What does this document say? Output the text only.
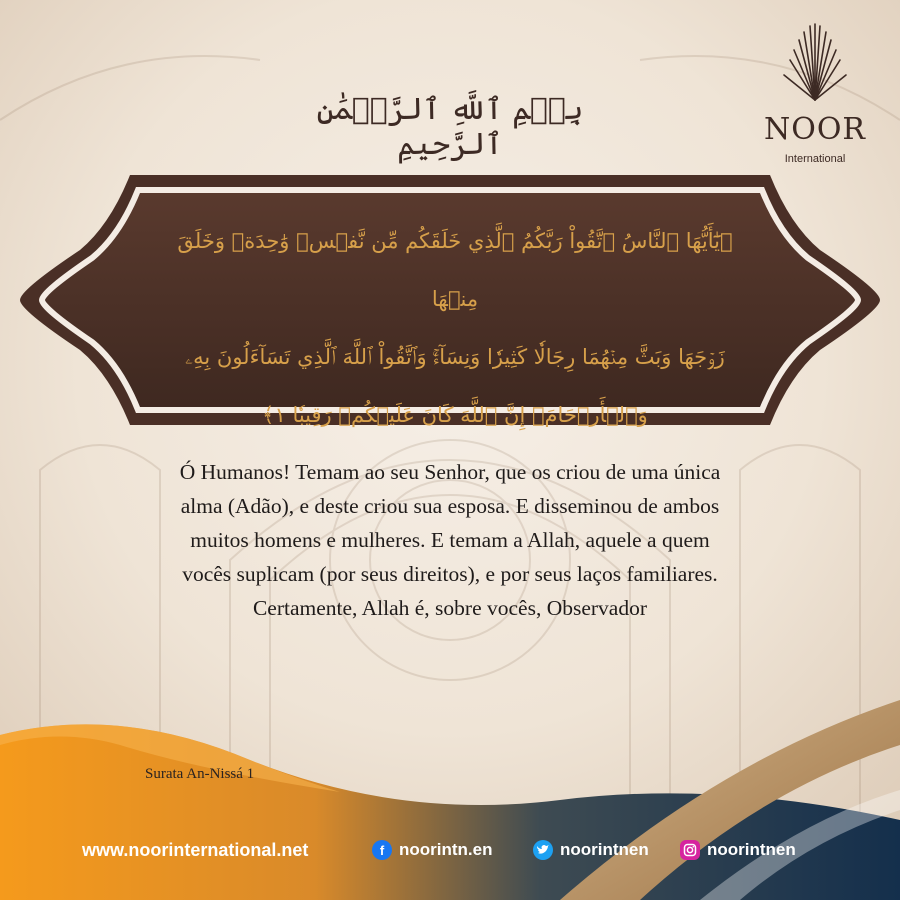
NOOR
International
بِسۡمِ ٱللَّهِ ٱلرَّحۡمَٰنِ ٱلرَّحِيمِ
﴿يَٰٓأَيُّهَا ٱلنَّاسُ ٱتَّقُواْ رَبَّكُمُ ٱلَّذِي خَلَقَكُم مِّن نَّفۡسٖ وَٰحِدَةٖ وَخَلَقَ مِنۡهَا
زَوۡجَهَا وَبَثَّ مِنۡهُمَا رِجَالٗا كَثِيرٗا وَنِسَآءٗۚ وَٱتَّقُواْ ٱللَّهَ ٱلَّذِي تَسَآءَلُونَ بِهِۦ
وَٱلۡأَرۡحَامَۚ إِنَّ ٱللَّهَ كَانَ عَلَيۡكُمۡ رَقِيبٗا ١﴾
Ó Humanos! Temam ao seu Senhor, que os criou de uma única
alma (Adão), e deste criou sua esposa. E disseminou de ambos
muitos homens e mulheres. E temam a Allah, aquele a quem
vocês suplicam (por seus direitos), e por seus laços familiares.
Certamente, Allah é, sobre vocês, Observador
Surata An-Nissá 1
www.noorinternational.net	f noorintn.en	noorintnen	noorintnen
